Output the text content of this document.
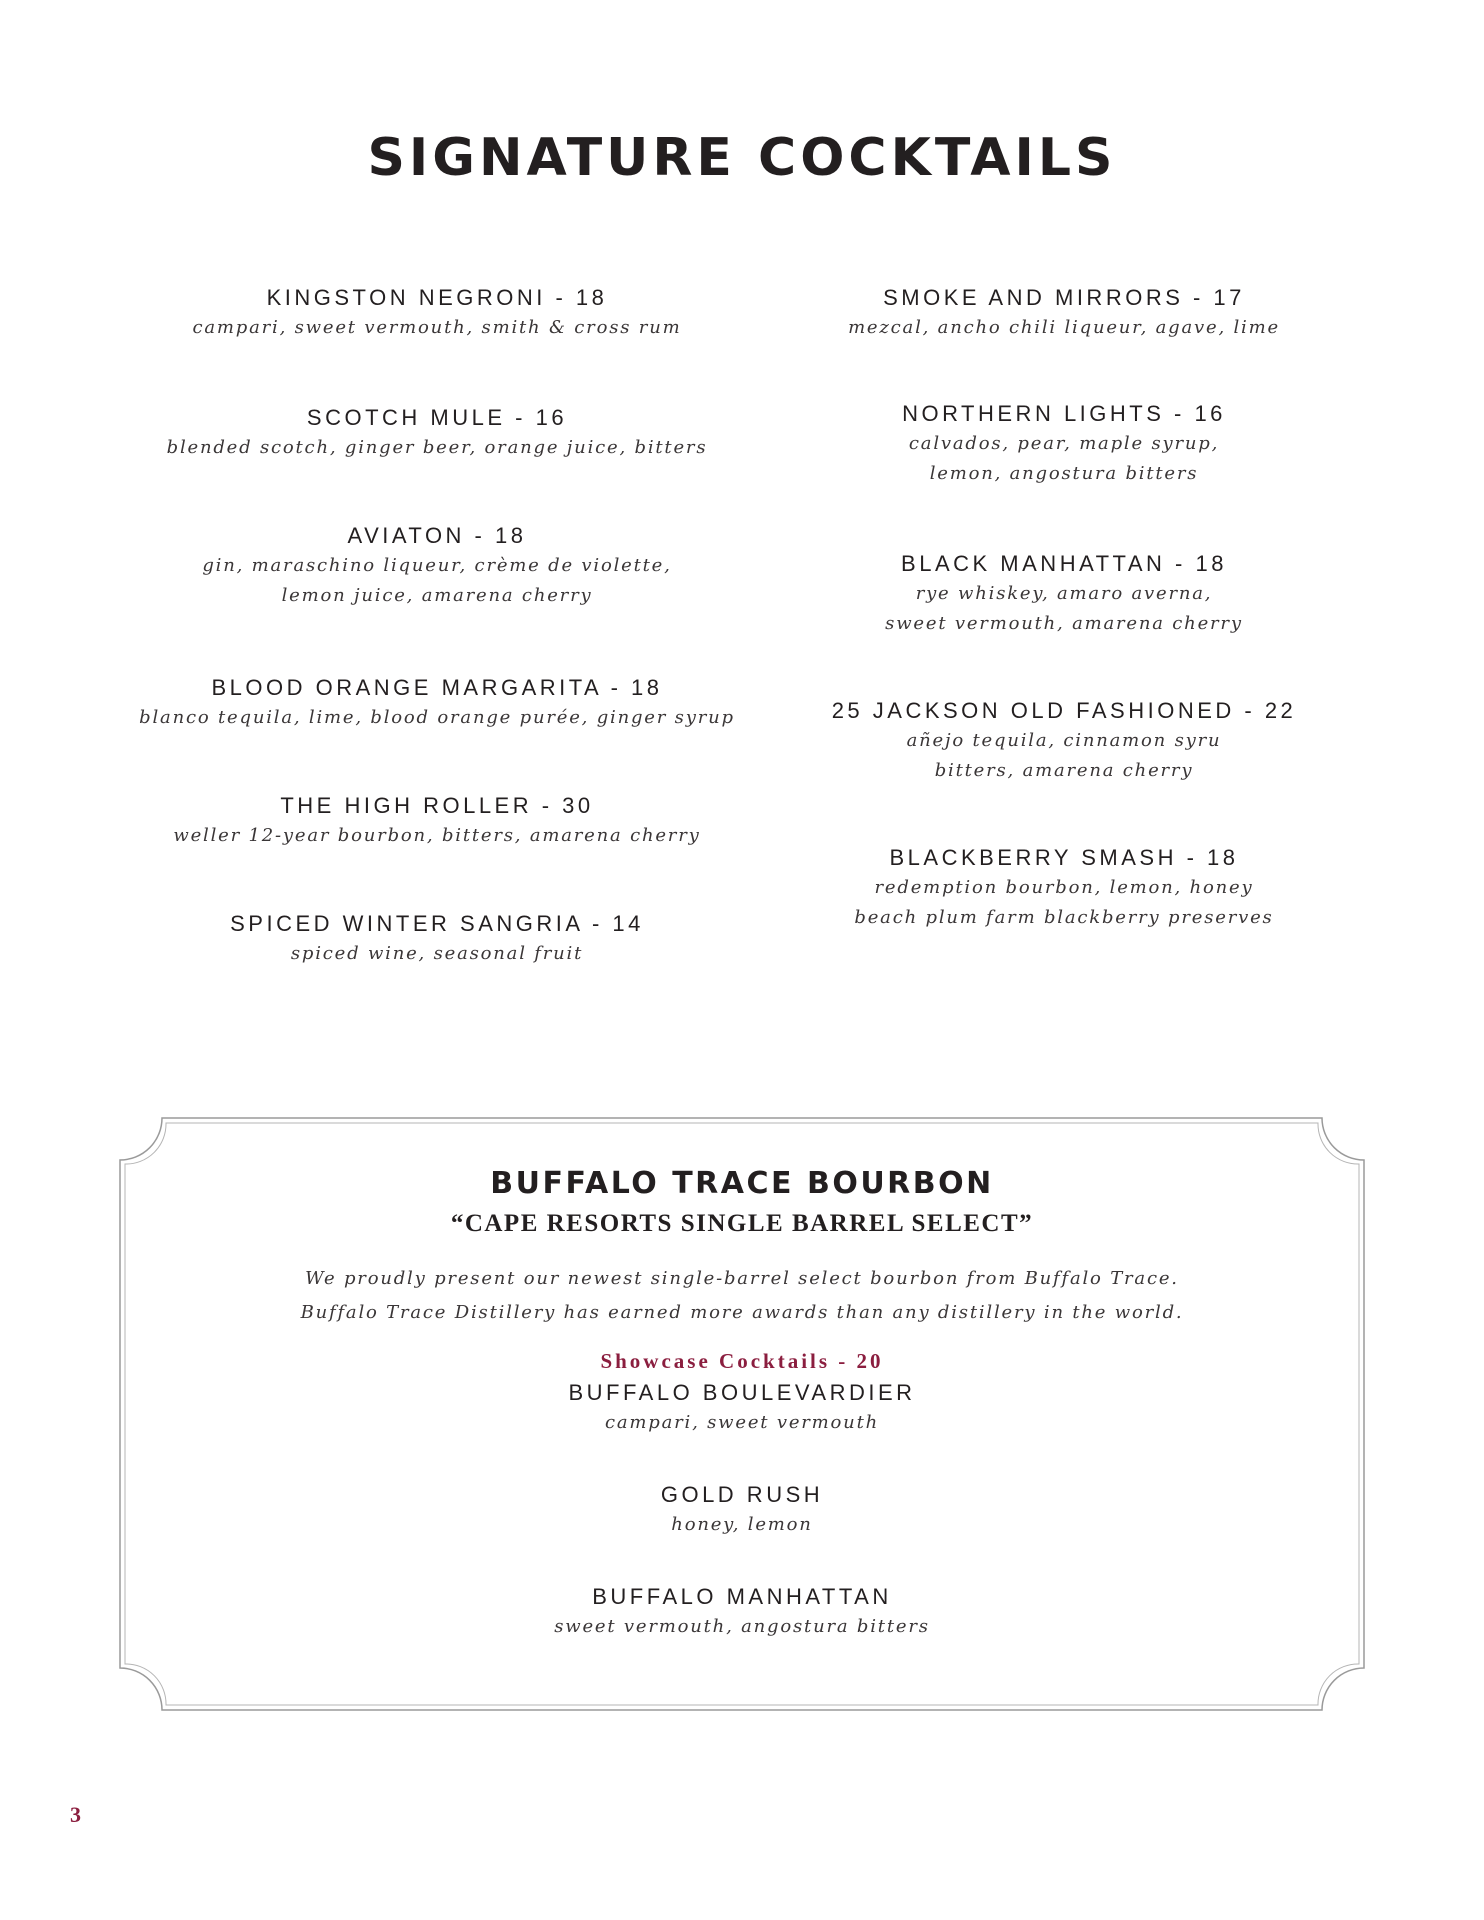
SIGNATURE COCKTAILS
KINGSTON NEGRONI - 18
campari, sweet vermouth, smith & cross rum
SCOTCH MULE - 16
blended scotch, ginger beer, orange juice, bitters
AVIATON - 18
gin, maraschino liqueur, crème de violette,
lemon juice, amarena cherry
BLOOD ORANGE MARGARITA - 18
blanco tequila, lime, blood orange purée, ginger syrup
THE HIGH ROLLER - 30
weller 12-year bourbon, bitters, amarena cherry
SPICED WINTER SANGRIA - 14
spiced wine, seasonal fruit
SMOKE AND MIRRORS - 17
mezcal, ancho chili liqueur, agave, lime
NORTHERN LIGHTS - 16
calvados, pear, maple syrup,
lemon, angostura bitters
BLACK MANHATTAN - 18
rye whiskey, amaro averna,
sweet vermouth, amarena cherry
25 JACKSON OLD FASHIONED - 22
añejo tequila, cinnamon syru
bitters, amarena cherry
BLACKBERRY SMASH - 18
redemption bourbon, lemon, honey
beach plum farm blackberry preserves
BUFFALO TRACE BOURBON
“CAPE RESORTS SINGLE BARREL SELECT”
We proudly present our newest single-barrel select bourbon from Buffalo Trace.
Buffalo Trace Distillery has earned more awards than any distillery in the world.
Showcase Cocktails - 20
BUFFALO BOULEVARDIER
campari, sweet vermouth
GOLD RUSH
honey, lemon
BUFFALO MANHATTAN
sweet vermouth, angostura bitters
3
